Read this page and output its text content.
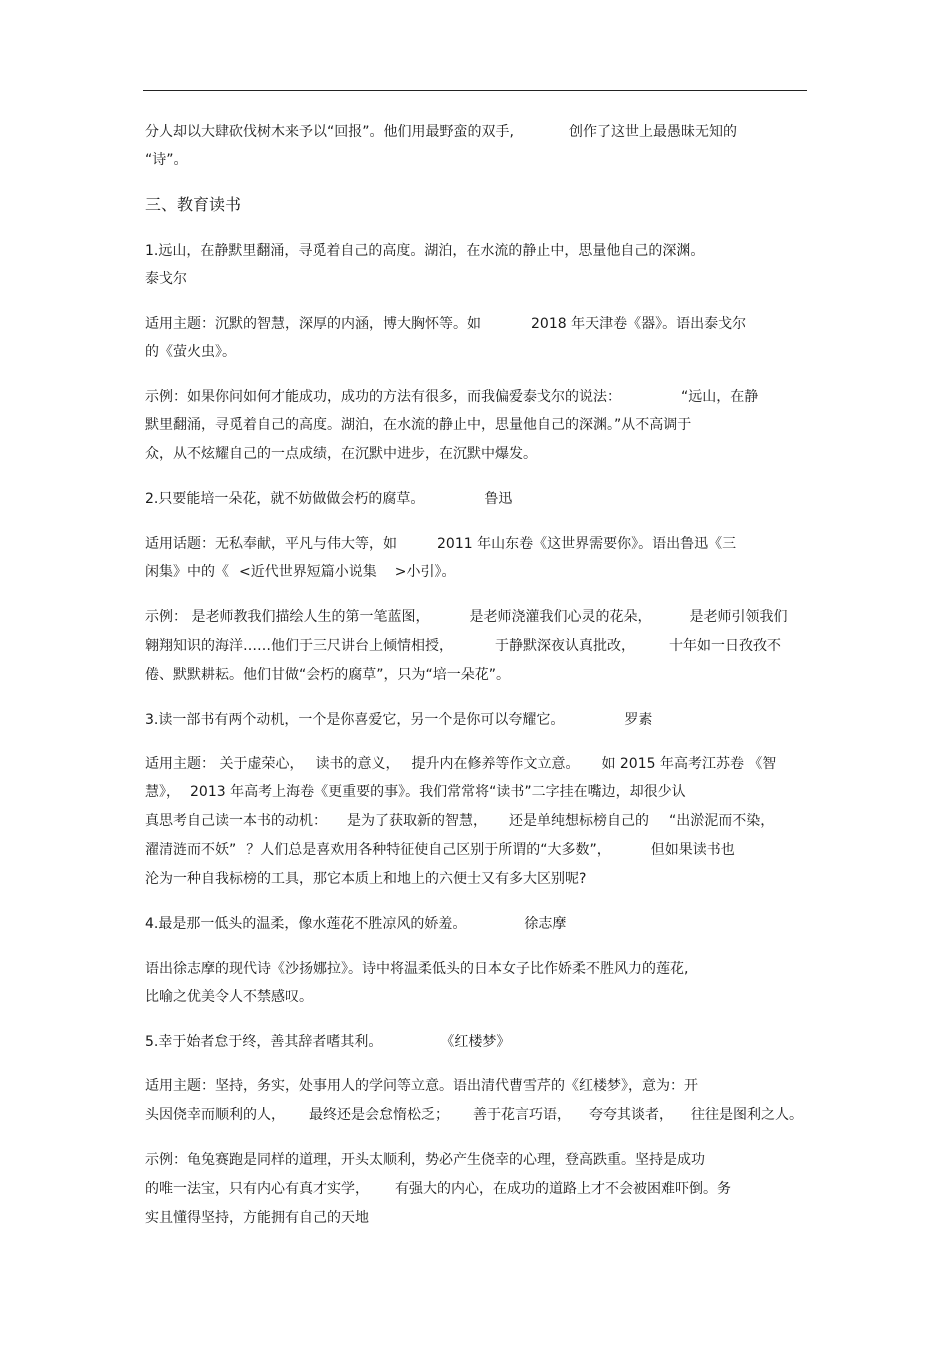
分人却以大肆砍伐树木来予以“回报”。他们用最野蛮的双手,	创作了这世上最愚昧无知的
“诗”。
三、教育读书
1.远山，在静默里翻涌，寻觅着自己的高度。湖泊，在水流的静止中，思量他自己的深渊。
泰戈尔
适用主题：沉默的智慧，深厚的内涵，博大胸怀等。如	2018 年天津卷《器》。语出泰戈尔
的《萤火虫》。
示例：如果你问如何才能成功，成功的方法有很多，而我偏爱泰戈尔的说法：	“远山，在静
默里翻涌，寻觅着自己的高度。湖泊，在水流的静止中，思量他自己的深渊。”从不高调于
众，从不炫耀自己的一点成绩，在沉默中进步，在沉默中爆发。
2.只要能培一朵花，就不妨做做会朽的腐草。	鲁迅
适用话题：无私奉献，平凡与伟大等，如	2011 年山东卷《这世界需要你》。语出鲁迅《三
闲集》中的《 <近代世界短篇小说集 >小引》。
示例： 是老师教我们描绘人生的第一笔蓝图，	是老师浇灌我们心灵的花朵，	是老师引领我们
翱翔知识的海洋……他们于三尺讲台上倾情相授，	于静默深夜认真批改， 十年如一日孜孜不
倦、默默耕耘。他们甘做“会朽的腐草”，只为“培一朵花”。
3.读一部书有两个动机，一个是你喜爱它，另一个是你可以夸耀它。	罗素
适用主题： 关于虚荣心， 读书的意义， 提升内在修养等作文立意。 如 2015 年高考江苏卷 《智
慧》， 2013 年高考上海卷《更重要的事》。我们常常将“读书”二字挂在嘴边，却很少认
真思考自己读一本书的动机： 是为了获取新的智慧， 还是单纯想标榜自己的 “出淤泥而不染，
濯清涟而不妖” ？人们总是喜欢用各种特征使自己区别于所谓的“大多数”，	但如果读书也
沦为一种自我标榜的工具，那它本质上和地上的六便士又有多大区别呢?
4.最是那一低头的温柔，像水莲花不胜凉风的娇羞。	徐志摩
语出徐志摩的现代诗《沙扬娜拉》。诗中将温柔低头的日本女子比作娇柔不胜风力的莲花,
比喻之优美令人不禁感叹。
5.幸于始者怠于终，善其辞者嗜其利。	《红楼梦》
适用主题：坚持，务实，处事用人的学问等立意。语出清代曹雪芹的《红楼梦》，意为：开
头因侥幸而顺利的人， 最终还是会怠惰松乏； 善于花言巧语， 夸夸其谈者， 往往是图利之人。
示例：龟兔赛跑是同样的道理，开头太顺利，势必产生侥幸的心理，登高跌重。坚持是成功
的唯一法宝，只有内心有真才实学， 有强大的内心，在成功的道路上才不会被困难吓倒。务
实且懂得坚持，方能拥有自己的天地
